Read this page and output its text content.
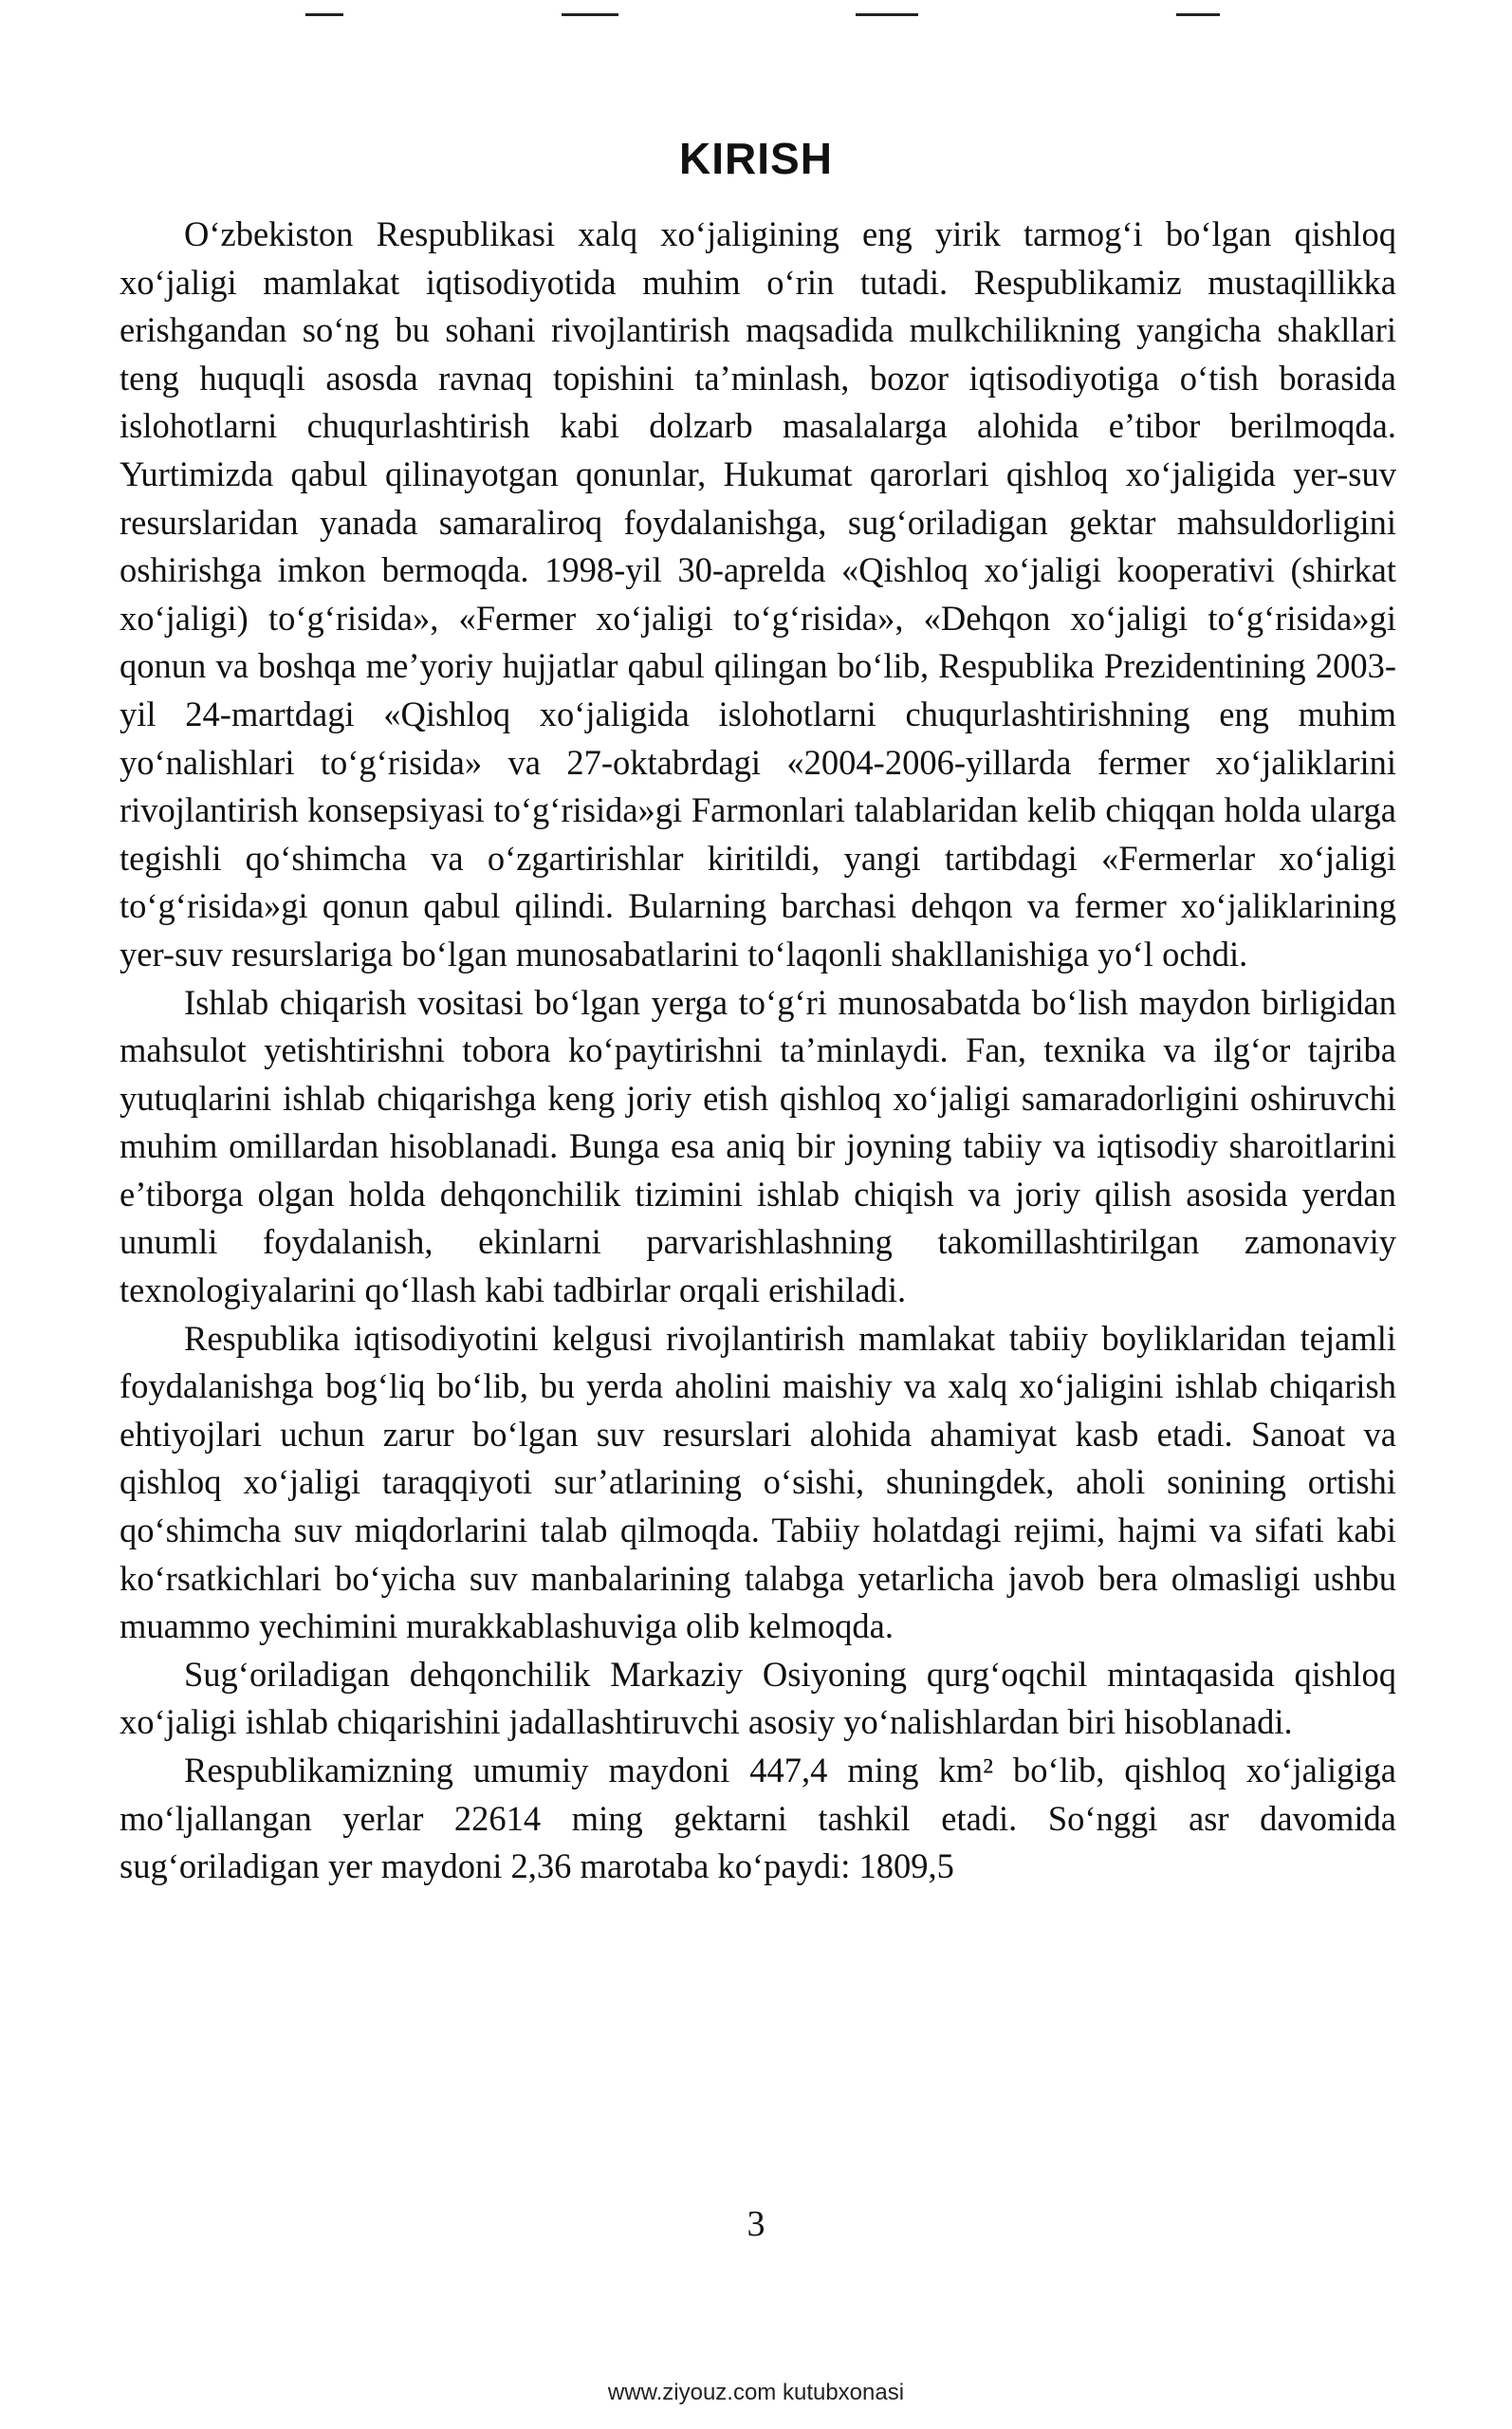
KIRISH

O‘zbekiston Respublikasi xalq xo‘jaligining eng yirik tarmog‘i bo‘lgan qishloq xo‘jaligi mamlakat iqtisodiyotida muhim o‘rin tutadi. Respublikamiz mustaqillikka erishgandan so‘ng bu sohani rivojlantirish maqsadida mulkchilikning yangicha shakllari teng huquqli asosda ravnaq topishini ta’minlash, bozor iqtisodiyotiga o‘tish borasida islohotlarni chuqurlashtirish kabi dolzarb masalalarga alohida e’tibor berilmoqda. Yurtimizda qabul qilinayotgan qonunlar, Hukumat qarorlari qishloq xo‘jaligida yer-suv resurslaridan yanada samaraliroq foydalanishga, sug‘oriladigan gektar mahsuldorligini oshirishga imkon bermoqda. 1998-yil 30-aprelda «Qishloq xo‘jaligi kooperativi (shirkat xo‘jaligi) to‘g‘risida», «Fermer xo‘jaligi to‘g‘risida», «Dehqon xo‘jaligi to‘g‘risida»gi qonun va boshqa me’yoriy hujjatlar qabul qilingan bo‘lib, Respublika Prezidentining 2003-yil 24-martdagi «Qishloq xo‘jaligida islohotlarni chuqurlashtirishning eng muhim yo‘nalishlari to‘g‘risida» va 27-oktabrdagi «2004-2006-yillarda fermer xo‘jaliklarini rivojlantirish konsepsiyasi to‘g‘risida»gi Farmonlari talablaridan kelib chiqqan holda ularga tegishli qo‘shimcha va o‘zgartirishlar kiritildi, yangi tartibdagi «Fermerlar xo‘jaligi to‘g‘risida»gi qonun qabul qilindi. Bularning barchasi dehqon va fermer xo‘jaliklarining yer-suv resurslariga bo‘lgan munosabatlarini to‘laqonli shakllanishiga yo‘l ochdi.

Ishlab chiqarish vositasi bo‘lgan yerga to‘g‘ri munosabatda bo‘lish maydon birligidan mahsulot yetishtirishni tobora ko‘paytirishni ta’minlaydi. Fan, texnika va ilg‘or tajriba yutuqlarini ishlab chiqarishga keng joriy etish qishloq xo‘jaligi samaradorligini oshiruvchi muhim omillardan hisoblanadi. Bunga esa aniq bir joyning tabiiy va iqtisodiy sharoitlarini e’tiborga olgan holda dehqonchilik tizimini ishlab chiqish va joriy qilish asosida yerdan unumli foydalanish, ekinlarni parvarishlashning takomillashtirilgan zamonaviy texnologiyalarini qo‘llash kabi tadbirlar orqali erishiladi.

Respublika iqtisodiyotini kelgusi rivojlantirish mamlakat tabiiy boyliklaridan tejamli foydalanishga bog‘liq bo‘lib, bu yerda aholini maishiy va xalq xo‘jaligini ishlab chiqarish ehtiyojlari uchun zarur bo‘lgan suv resurslari alohida ahamiyat kasb etadi. Sanoat va qishloq xo‘jaligi taraqqiyoti sur’atlarining o‘sishi, shuningdek, aholi sonining ortishi qo‘shimcha suv miqdorlarini talab qilmoqda. Tabiiy holatdagi rejimi, hajmi va sifati kabi ko‘rsatkichlari bo‘yicha suv manbalarining talabga yetarlicha javob bera olmasligi ushbu muammo yechimini murakkablashuviga olib kelmoqda.

Sug‘oriladigan dehqonchilik Markaziy Osiyoning qurg‘oqchil mintaqasida qishloq xo‘jaligi ishlab chiqarishini jadallashtiruvchi asosiy yo‘nalishlardan biri hisoblanadi.

Respublikamizning umumiy maydoni 447,4 ming km² bo‘lib, qishloq xo‘jaligiga mo‘ljallangan yerlar 22614 ming gektarni tashkil etadi. So‘nggi asr davomida sug‘oriladigan yer maydoni 2,36 marotaba ko‘paydi: 1809,5

3
www.ziyouz.com kutubxonasi
